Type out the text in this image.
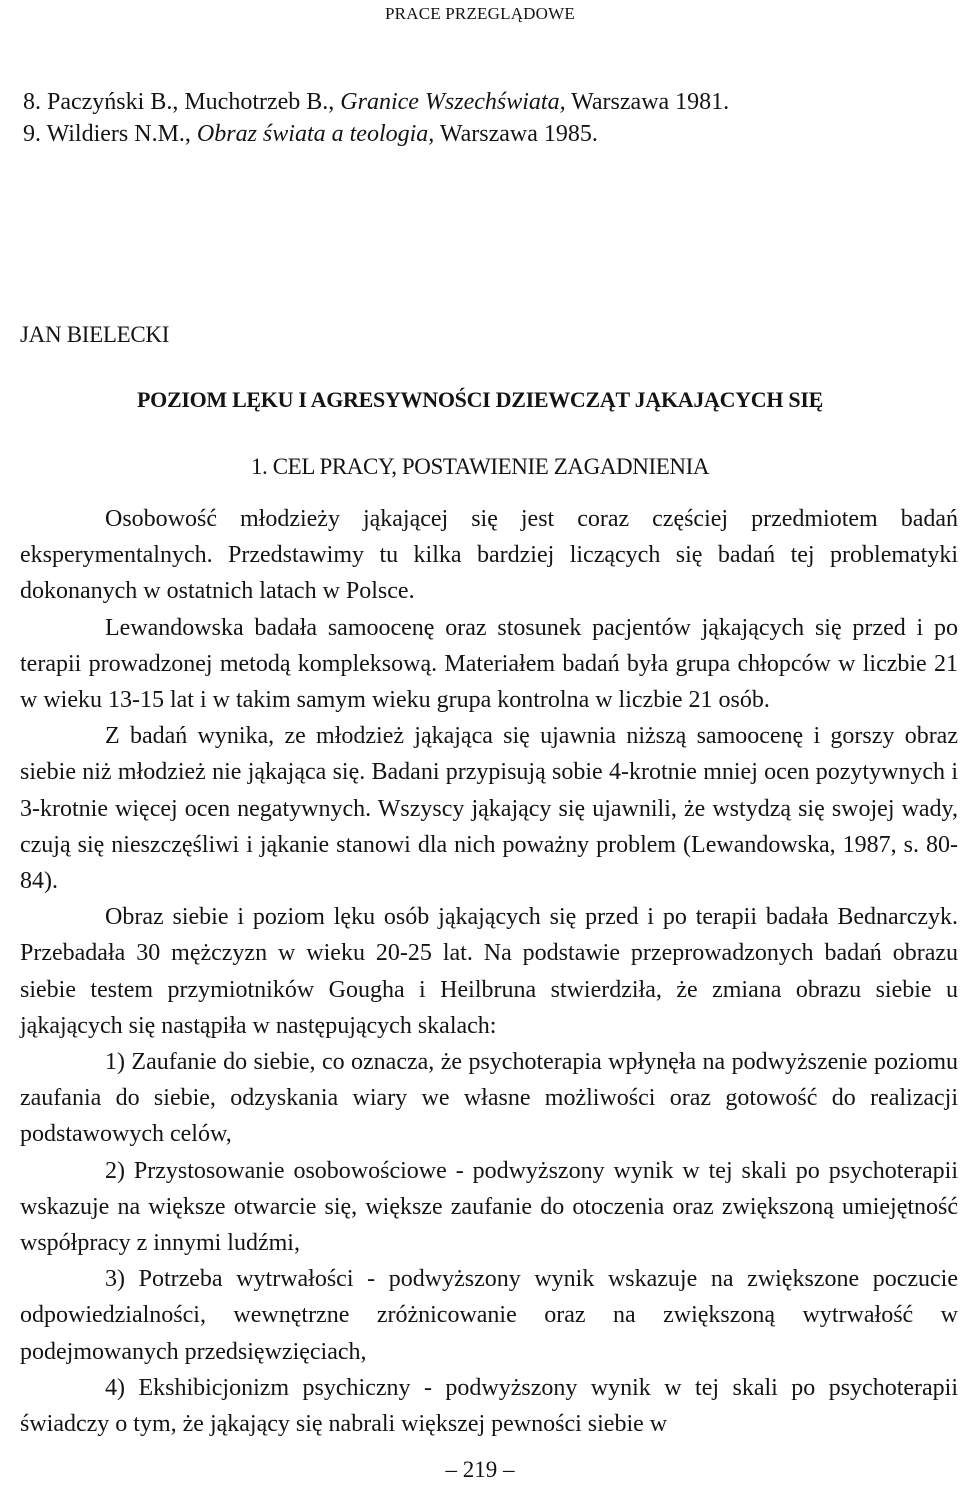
PRACE PRZEGLĄDOWE
8. Paczyński B., Muchotrzeb B., Granice Wszechświata, Warszawa 1981.
9. Wildiers N.M., Obraz świata a teologia, Warszawa 1985.
JAN BIELECKI
POZIOM LĘKU I AGRESYWNOŚCI DZIEWCZĄT JĄKAJĄCYCH SIĘ
1. CEL PRACY, POSTAWIENIE ZAGADNIENIA

Osobowość młodzieży jąkającej się jest coraz częściej przedmiotem badań eksperymentalnych. Przedstawimy tu kilka bardziej liczących się badań tej problematyki dokonanych w ostatnich latach w Polsce.

Lewandowska badała samoocenę oraz stosunek pacjentów jąkających się przed i po terapii prowadzonej metodą kompleksową. Materiałem badań była grupa chłopców w liczbie 21 w wieku 13-15 lat i w takim samym wieku grupa kontrolna w liczbie 21 osób.

Z badań wynika, ze młodzież jąkająca się ujawnia niższą samoocenę i gorszy obraz siebie niż młodzież nie jąkająca się. Badani przypisują sobie 4-krotnie mniej ocen pozytywnych i 3-krotnie więcej ocen negatywnych. Wszyscy jąkający się ujawnili, że wstydzą się swojej wady, czują się nieszczęśliwi i jąkanie stanowi dla nich poważny problem (Lewandowska, 1987, s. 80-84).

Obraz siebie i poziom lęku osób jąkających się przed i po terapii badała Bednarczyk. Przebadała 30 mężczyzn w wieku 20-25 lat. Na podstawie przeprowadzonych badań obrazu siebie testem przymiotników Gougha i Heilbruna stwierdziła, że zmiana obrazu siebie u jąkających się nastąpiła w następujących skalach:

1) Zaufanie do siebie, co oznacza, że psychoterapia wpłynęła na podwyższenie poziomu zaufania do siebie, odzyskania wiary we własne możliwości oraz gotowość do realizacji podstawowych celów,

2) Przystosowanie osobowościowe - podwyższony wynik w tej skali po psychoterapii wskazuje na większe otwarcie się, większe zaufanie do otoczenia oraz zwiększoną umiejętność współpracy z innymi ludźmi,

3) Potrzeba wytrwałości - podwyższony wynik wskazuje na zwiększone poczucie odpowiedzialności, wewnętrzne zróżnicowanie oraz na zwiększoną wytrwałość w podejmowanych przedsięwzięciach,

4) Ekshibicjonizm psychiczny - podwyższony wynik w tej skali po psychoterapii świadczy o tym, że jąkający się nabrali większej pewności siebie w

– 219 –
